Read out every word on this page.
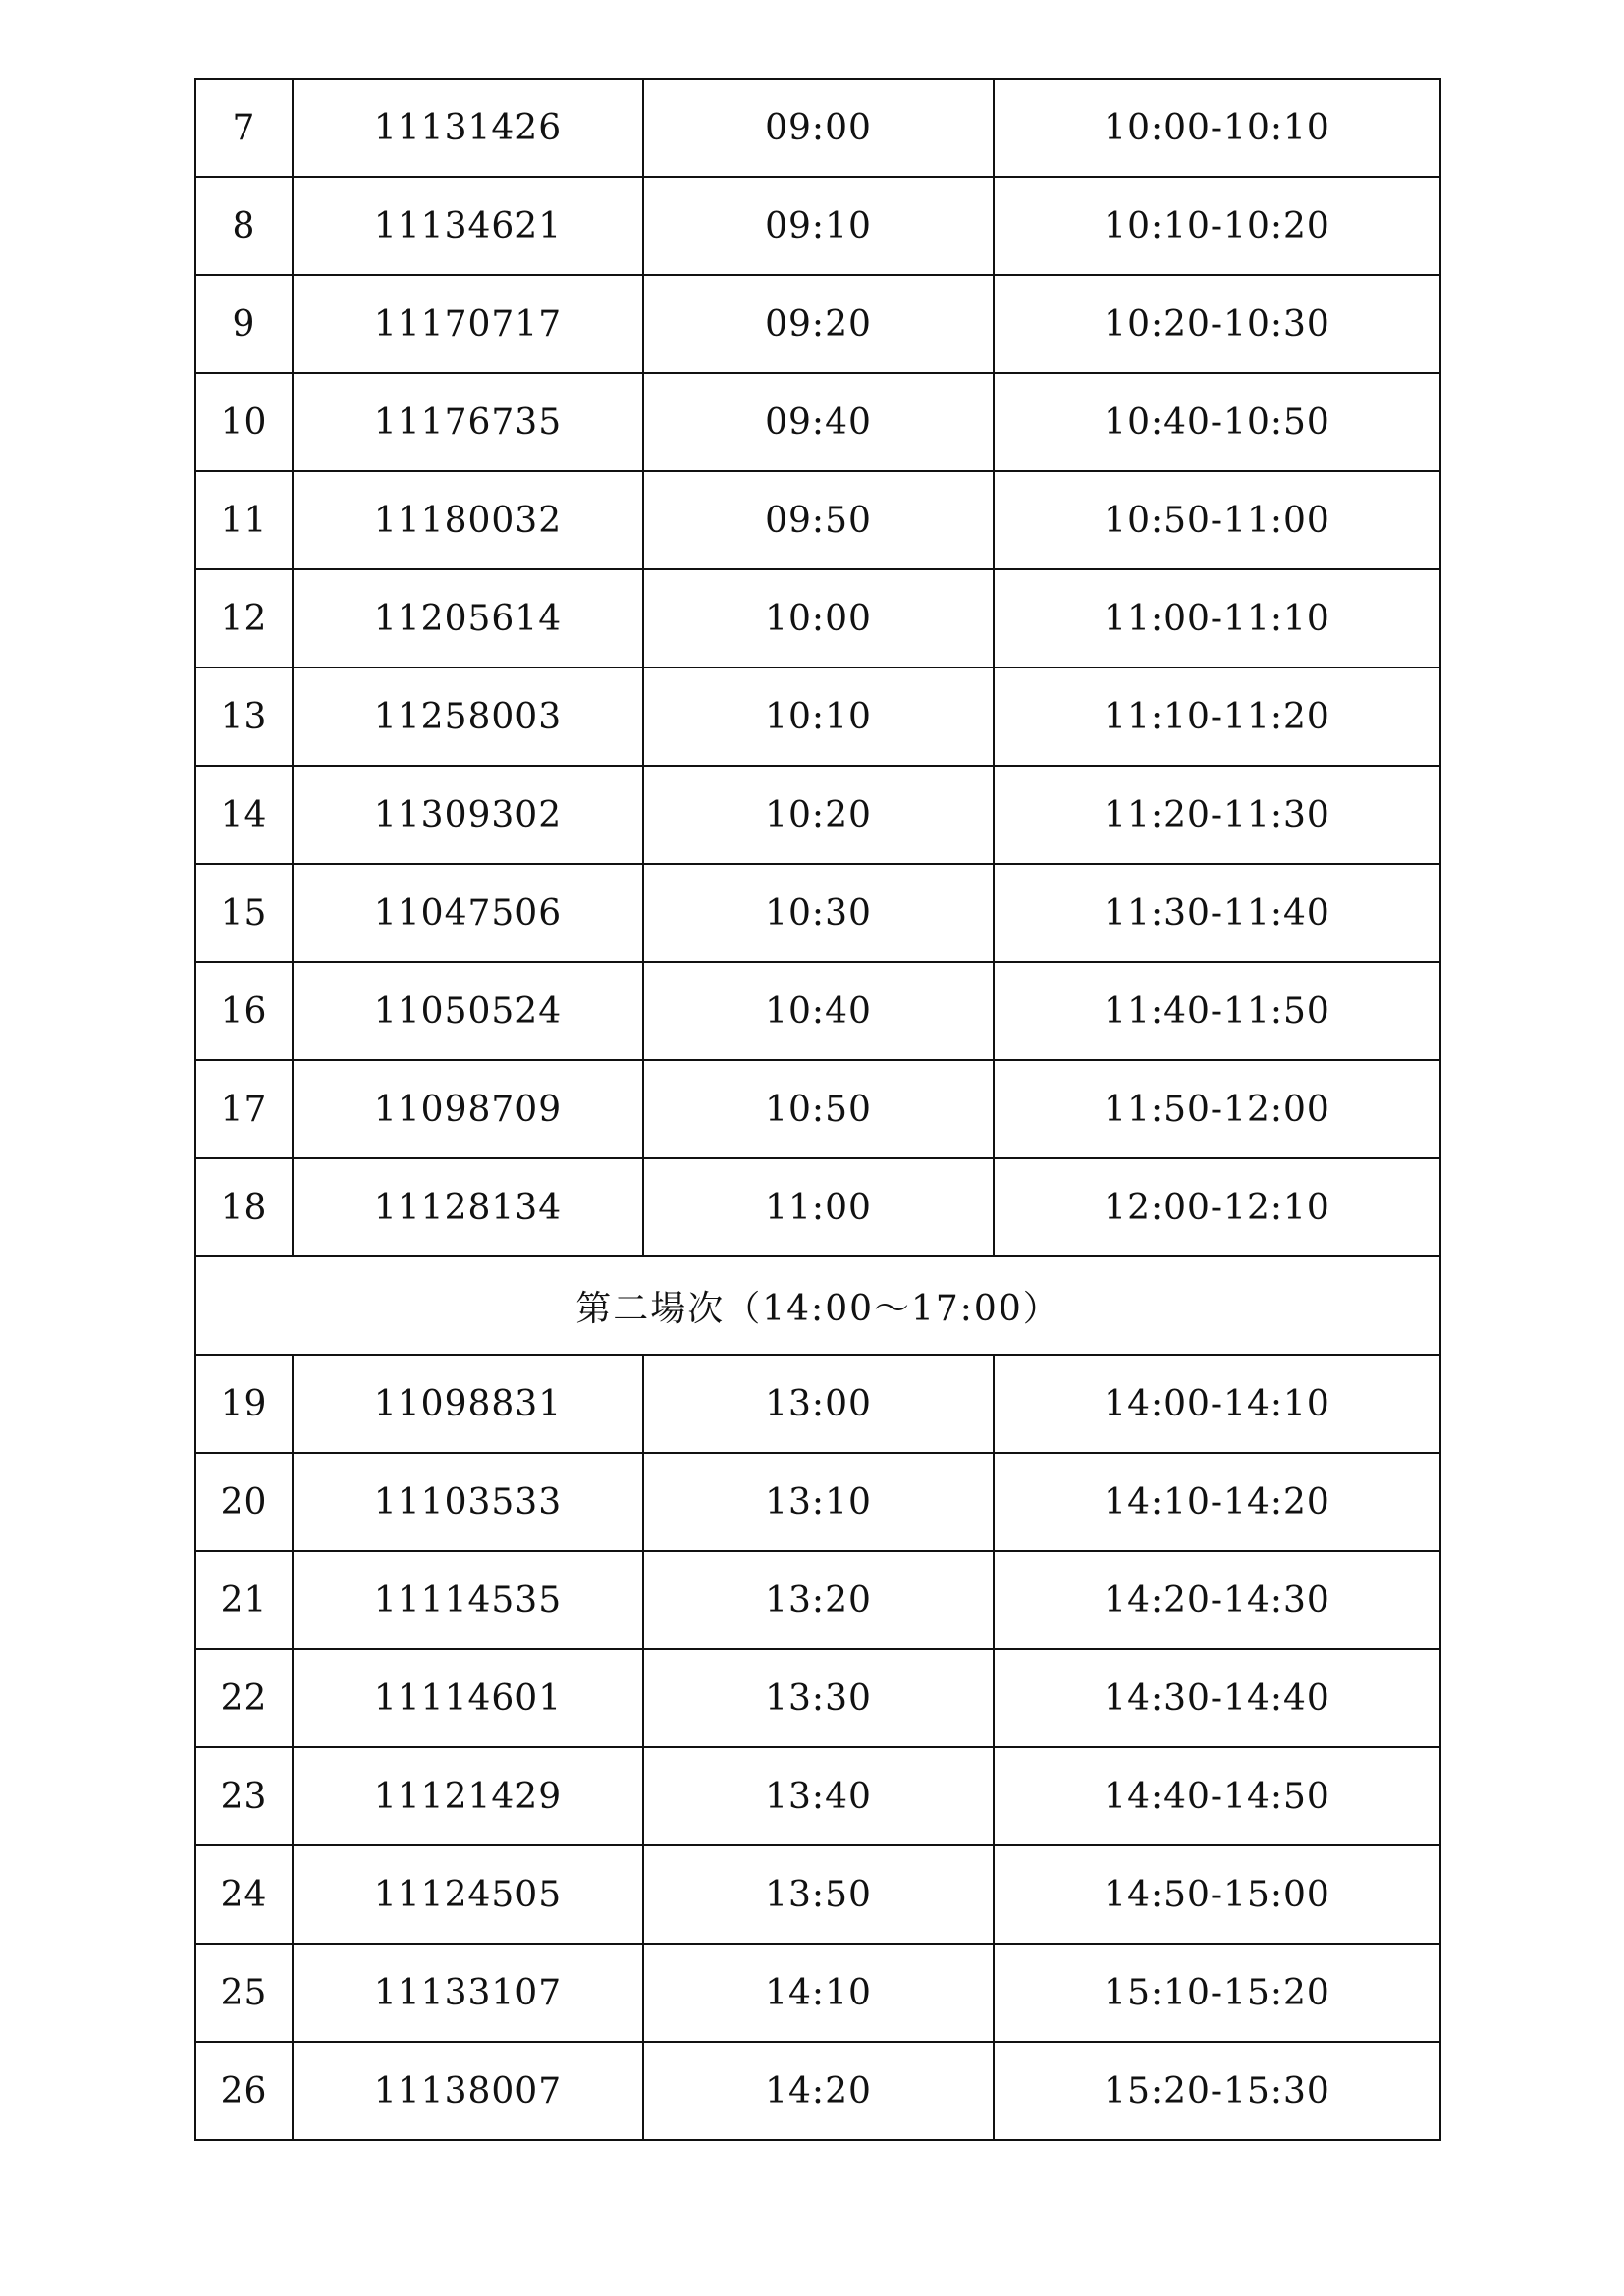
7	11131426	09:00	10:00-10:10
8	11134621	09:10	10:10-10:20
9	11170717	09:20	10:20-10:30
10	11176735	09:40	10:40-10:50
11	11180032	09:50	10:50-11:00
12	11205614	10:00	11:00-11:10
13	11258003	10:10	11:10-11:20
14	11309302	10:20	11:20-11:30
15	11047506	10:30	11:30-11:40
16	11050524	10:40	11:40-11:50
17	11098709	10:50	11:50-12:00
18	11128134	11:00	12:00-12:10
第二場次（14:00～17:00）			
19	11098831	13:00	14:00-14:10
20	11103533	13:10	14:10-14:20
21	11114535	13:20	14:20-14:30
22	11114601	13:30	14:30-14:40
23	11121429	13:40	14:40-14:50
24	11124505	13:50	14:50-15:00
25	11133107	14:10	15:10-15:20
26	11138007	14:20	15:20-15:30
